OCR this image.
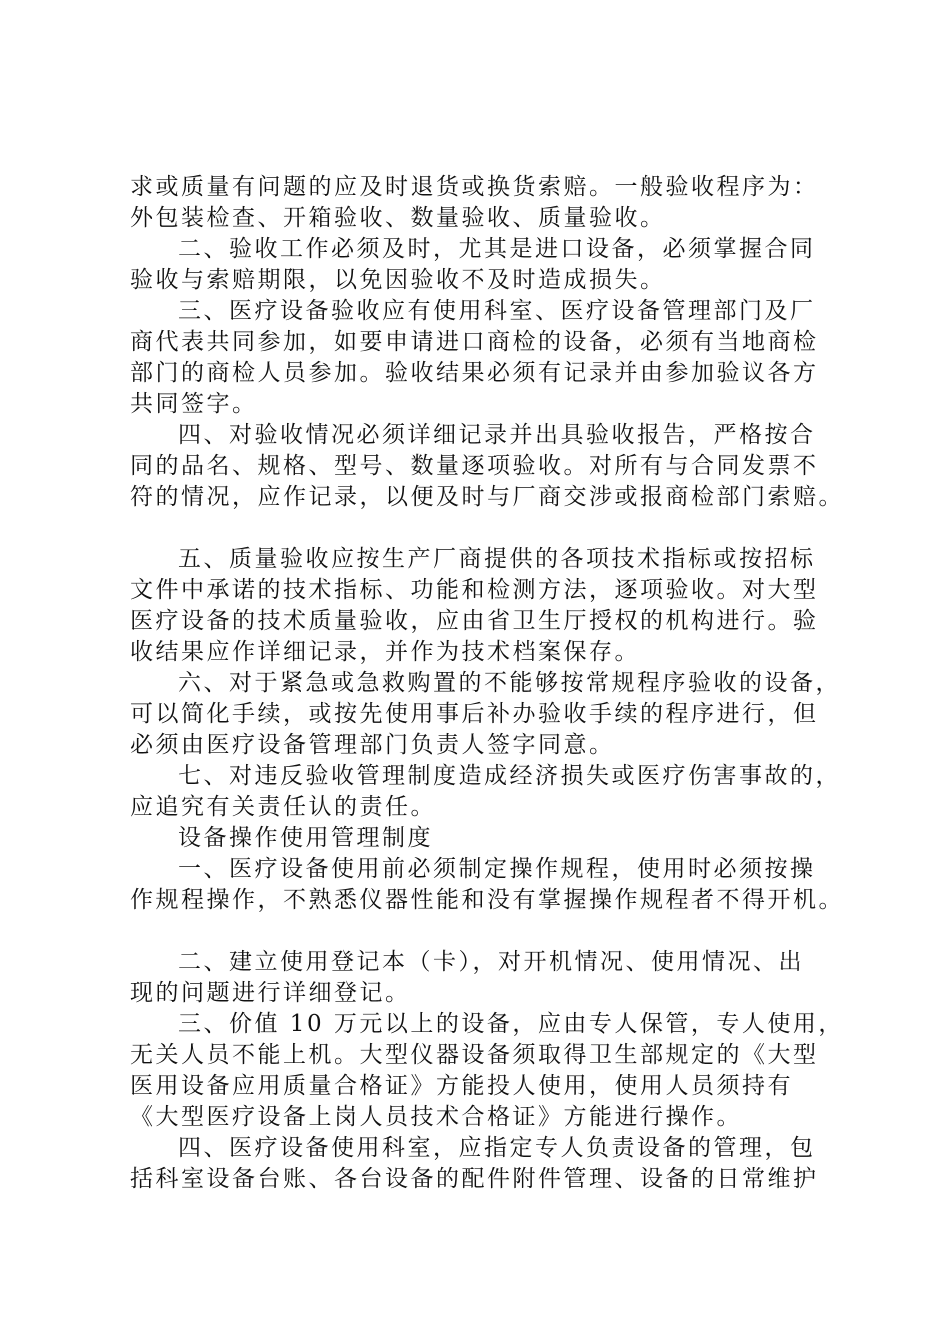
求或质量有问题的应及时退货或换货索赔。一般验收程序为：
外包装检查、开箱验收、数量验收、质量验收。
二、验收工作必须及时，尤其是进口设备，必须掌握合同
验收与索赔期限，以免因验收不及时造成损失。
三、医疗设备验收应有使用科室、医疗设备管理部门及厂
商代表共同参加，如要申请进口商检的设备，必须有当地商检
部门的商检人员参加。验收结果必须有记录并由参加验议各方
共同签字。
四、对验收情况必须详细记录并出具验收报告，严格按合
同的品名、规格、型号、数量逐项验收。对所有与合同发票不
符的情况，应作记录，以便及时与厂商交涉或报商检部门索赔。
五、质量验收应按生产厂商提供的各项技术指标或按招标
文件中承诺的技术指标、功能和检测方法，逐项验收。对大型
医疗设备的技术质量验收，应由省卫生厅授权的机构进行。验
收结果应作详细记录，并作为技术档案保存。
六、对于紧急或急救购置的不能够按常规程序验收的设备，
可以简化手续，或按先使用事后补办验收手续的程序进行，但
必须由医疗设备管理部门负责人签字同意。
七、对违反验收管理制度造成经济损失或医疗伤害事故的，
应追究有关责任认的责任。
设备操作使用管理制度
一、医疗设备使用前必须制定操作规程，使用时必须按操
作规程操作，不熟悉仪器性能和没有掌握操作规程者不得开机。
二、建立使用登记本（卡），对开机情况、使用情况、出
现的问题进行详细登记。
三、价值 10 万元以上的设备，应由专人保管，专人使用，
无关人员不能上机。大型仪器设备须取得卫生部规定的《大型
医用设备应用质量合格证》方能投人使用，使用人员须持有
《大型医疗设备上岗人员技术合格证》方能进行操作。
四、医疗设备使用科室，应指定专人负责设备的管理，包
括科室设备台账、各台设备的配件附件管理、设备的日常维护
